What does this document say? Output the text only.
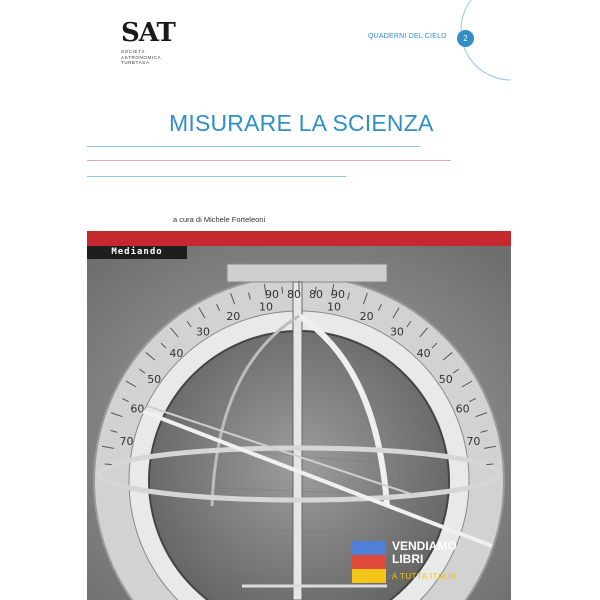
SAT
SOCIETÀ
ASTRONOMICA
TURBTASA
QUADERNI DEL CIELO	2
MISURARE LA SCIENZA
a cura di Michele Forteleoni
10	10
20	20
30	30
40	40
50	50
60	60
70	70
90 80 80 90
Mediando
VENDIAMO
LIBRI
A TUTTA ITALIA
